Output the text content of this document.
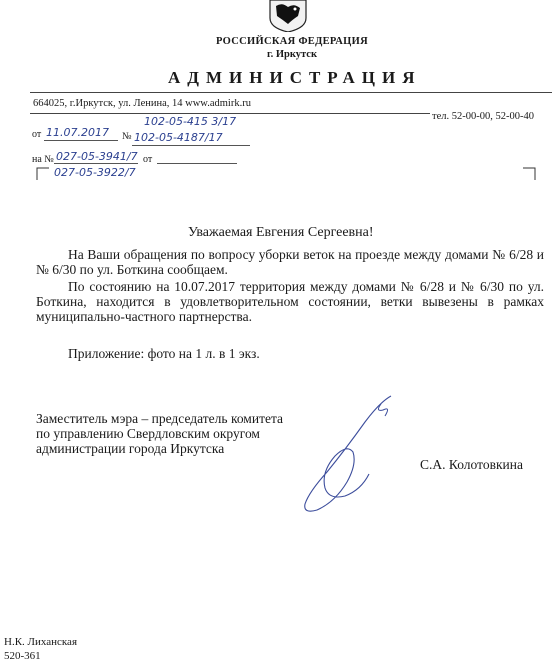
РОССИЙСКАЯ ФЕДЕРАЦИЯ
г. Иркутск
АДМИНИСТРАЦИЯ
664025, г.Иркутск, ул. Ленина, 14 www.admirk.ru
тел. 52-00-00, 52-00-40
от 11.07.2017
102-05-415 3/17
№ 102-05-4187/17
на № 027-05-3941/7 от
027-05-3922/7
Уважаемая Евгения Сергеевна!
На Ваши обращения по вопросу уборки веток на проезде между домами № 6/28 и № 6/30 по ул. Боткина сообщаем.
По состоянию на 10.07.2017 территория между домами № 6/28 и № 6/30 по ул. Боткина, находится в удовлетворительном состоянии, ветки вывезены в рамках муниципально-частного партнерства.
Приложение: фото на 1 л. в 1 экз.
Заместитель мэра – председатель комитета
по управлению Свердловским округом
администрации города Иркутска
С.А. Колотовкина
Н.К. Лиханская
520-361
